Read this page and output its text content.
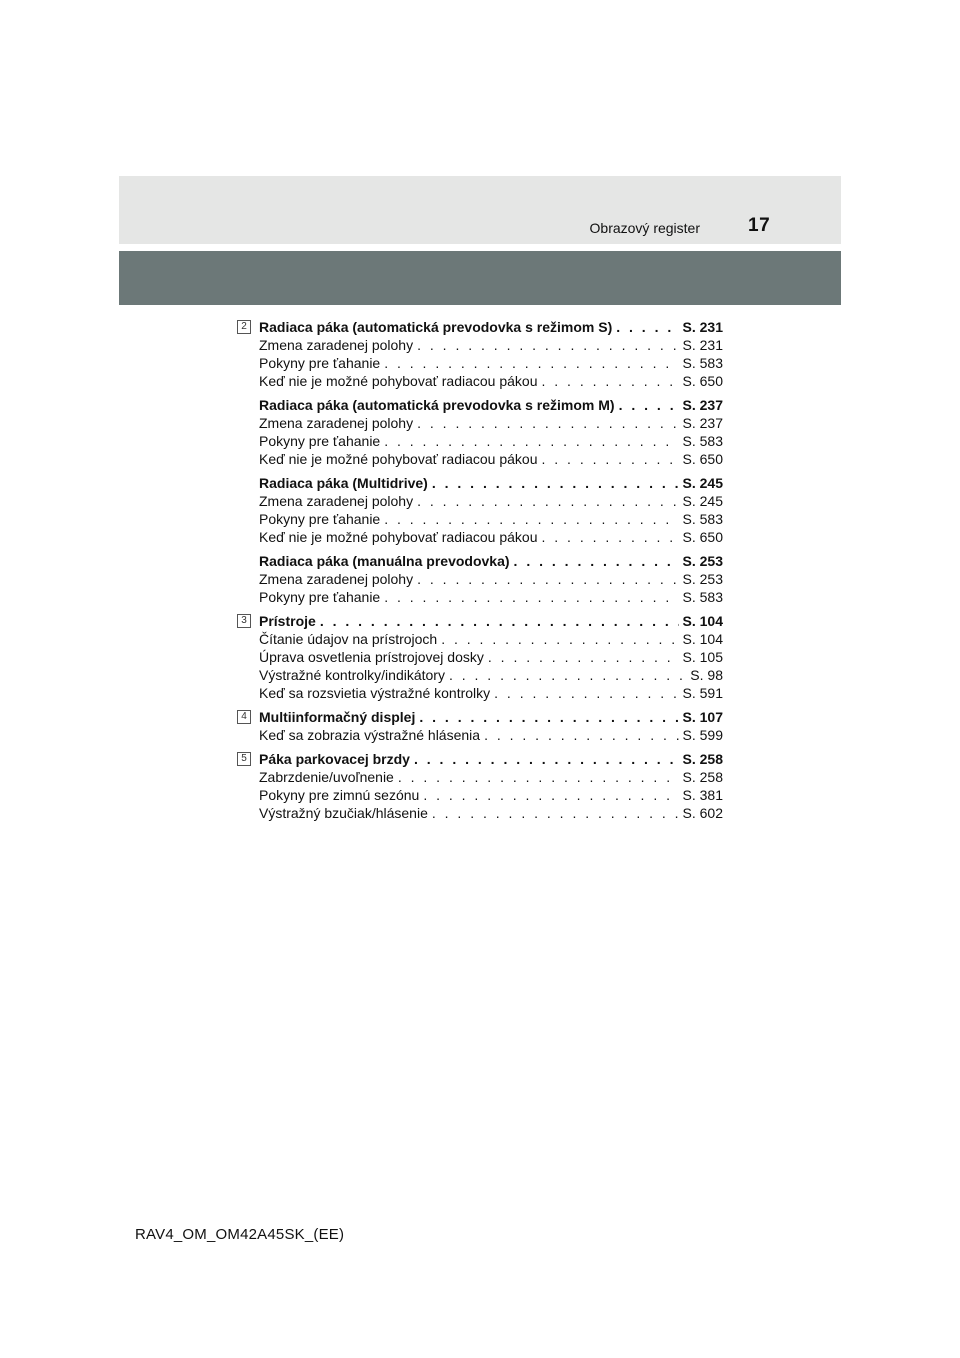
Obrazový register	17
2 Radiaca páka (automatická prevodovka s režimom S) . . .	S. 231
Zmena zaradenej polohy . . .	S. 231
Pokyny pre ťahanie . . .	S. 583
Keď nie je možné pohybovať radiacou pákou . . .	S. 650
Radiaca páka (automatická prevodovka s režimom M) . . .	S. 237
Zmena zaradenej polohy . . .	S. 237
Pokyny pre ťahanie . . .	S. 583
Keď nie je možné pohybovať radiacou pákou . . .	S. 650
Radiaca páka (Multidrive) . . .	S. 245
Zmena zaradenej polohy . . .	S. 245
Pokyny pre ťahanie . . .	S. 583
Keď nie je možné pohybovať radiacou pákou . . .	S. 650
Radiaca páka (manuálna prevodovka) . . .	S. 253
Zmena zaradenej polohy . . .	S. 253
Pokyny pre ťahanie . . .	S. 583
3 Prístroje . . .	S. 104
Čítanie údajov na prístrojoch . . .	S. 104
Úprava osvetlenia prístrojovej dosky . . .	S. 105
Výstražné kontrolky/indikátory . . .	S. 98
Keď sa rozsvietia výstražné kontrolky . . .	S. 591
4 Multiinformačný displej . . .	S. 107
Keď sa zobrazia výstražné hlásenia . . .	S. 599
5 Páka parkovacej brzdy . . .	S. 258
Zabrzdenie/uvoľnenie . . .	S. 258
Pokyny pre zimnú sezónu . . .	S. 381
Výstražný bzučiak/hlásenie . . .	S. 602
RAV4_OM_OM42A45SK_(EE)
